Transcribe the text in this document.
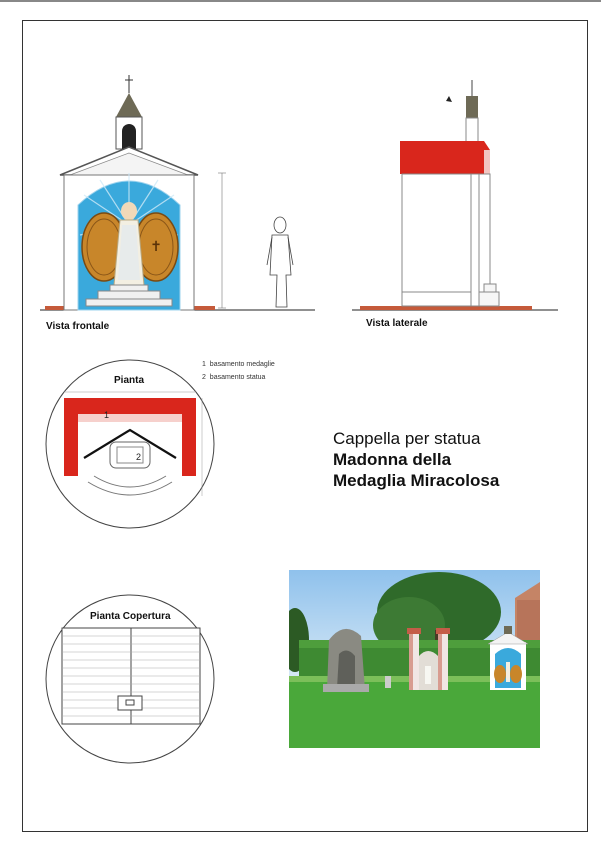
✝
Vista frontale	Vista laterale
1 basamento medaglie
2 basamento statua
Pianta
1
2
Cappella per statua
Madonna della
Medaglia Miracolosa
Pianta Copertura
